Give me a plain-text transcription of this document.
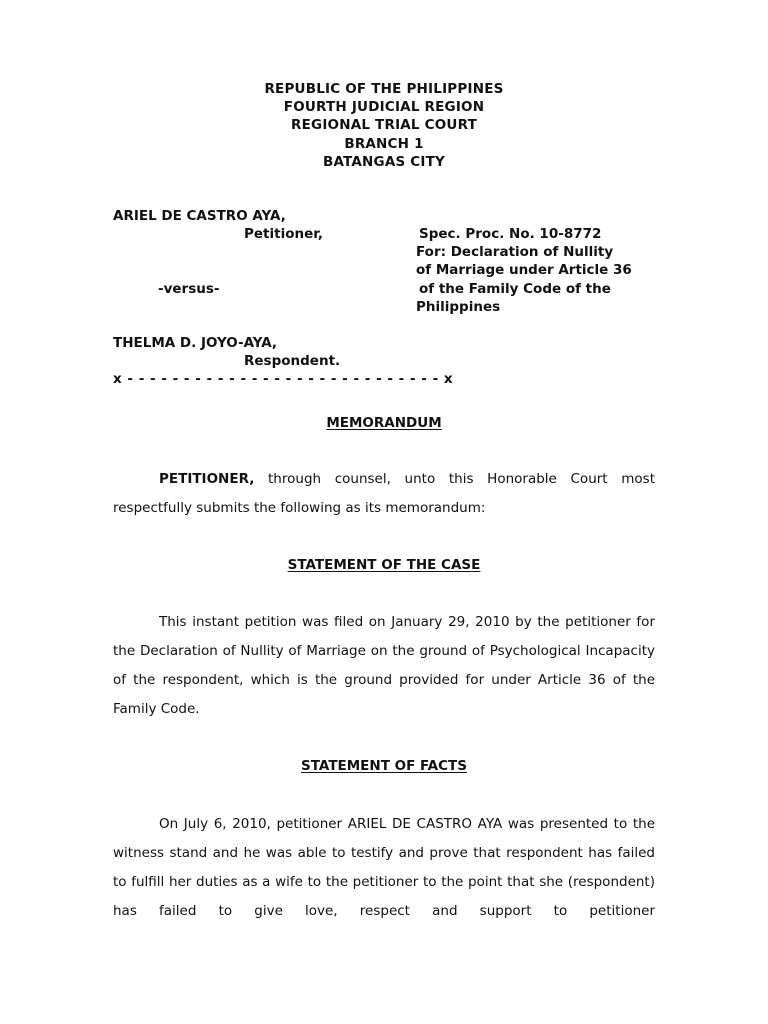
REPUBLIC OF THE PHILIPPINES
FOURTH JUDICIAL REGION
REGIONAL TRIAL COURT
BRANCH 1
BATANGAS CITY
ARIEL DE CASTRO AYA,
Petitioner,
-versus-
THELMA D. JOYO-AYA,
Respondent.
x - - - - - - - - - - - - - - - - - - - - - - - - - - - - x
Spec. Proc. No. 10-8772
For: Declaration of Nullity
of Marriage under Article 36
of the Family Code of the
Philippines
MEMORANDUM
PETITIONER, through counsel, unto this Honorable Court most respectfully submits the following as its memorandum:
STATEMENT OF THE CASE
This instant petition was filed on January 29, 2010 by the petitioner for the Declaration of Nullity of Marriage on the ground of Psychological Incapacity of the respondent, which is the ground provided for under Article 36 of the Family Code.
STATEMENT OF FACTS
On July 6, 2010, petitioner ARIEL DE CASTRO AYA was presented to the witness stand and he was able to testify and prove that respondent has failed to fulfill her duties as a wife to the petitioner to the point that she (respondent) has failed to give love, respect and support to petitioner
